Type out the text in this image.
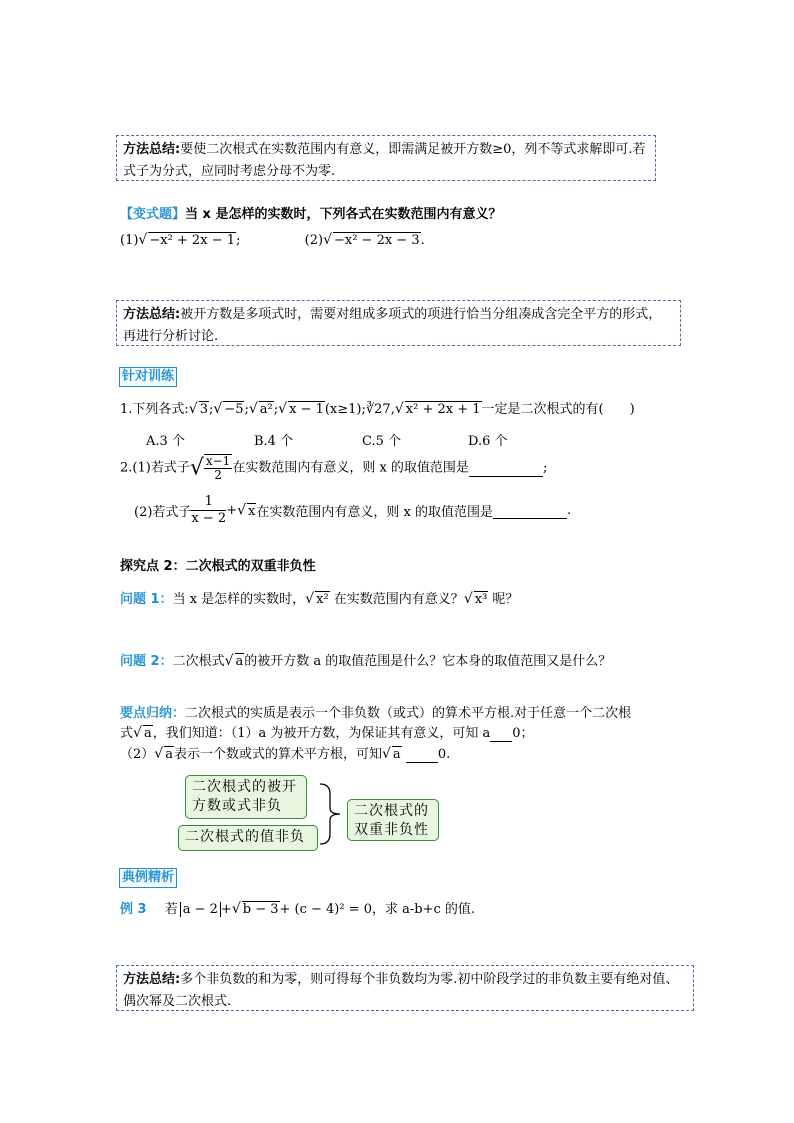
方法总结:要使二次根式在实数范围内有意义，即需满足被开方数≥0，列不等式求解即可.若式子为分式，应同时考虑分母不为零.
【变式题】当 x 是怎样的实数时，下列各式在实数范围内有意义？
(1)√ −x² + 2x − 1;	(2)√ −x² − 2x − 3.
方法总结:被开方数是多项式时，需要对组成多项式的项进行恰当分组凑成含完全平方的形式，再进行分析讨论.
针对训练
1.下列各式:√ 3;√ −5;√ a²;√ x − 1(x≥1);∛27,√ x² + 2x + 1一定是二次根式的有(　　)
A.3 个	B.4 个	C.5 个	D.6 个
2.(1)若式子√ $\frac{x-1}{2}$ 在实数范围内有意义，则 x 的取值范围是	;
(2)若式子 $\frac{1}{x - 2}$ +√ x在实数范围内有意义，则 x 的取值范围是	.
探究点 2：二次根式的双重非负性
问题 1：当 x 是怎样的实数时，√ x² 在实数范围内有意义？√ x³ 呢？
问题 2：二次根式√ a的被开方数 a 的取值范围是什么？它本身的取值范围又是什么？
要点归纳：二次根式的实质是表示一个非负数（或式）的算术平方根.对于任意一个二次根
式√ a，我们知道：（1）a 为被开方数，为保证其有意义，可知 a 0；
（2）√ a表示一个数或式的算术平方根，可知√ a	0.
二次根式的被开方数或式非负
二次根式的值非负
二次根式的双重非负性
典例精析
例 3 若 a − 2 +√ b − 3+ (c − 4)² = 0，求 a-b+c 的值.
方法总结:多个非负数的和为零，则可得每个非负数均为零.初中阶段学过的非负数主要有绝对值、偶次幂及二次根式.
